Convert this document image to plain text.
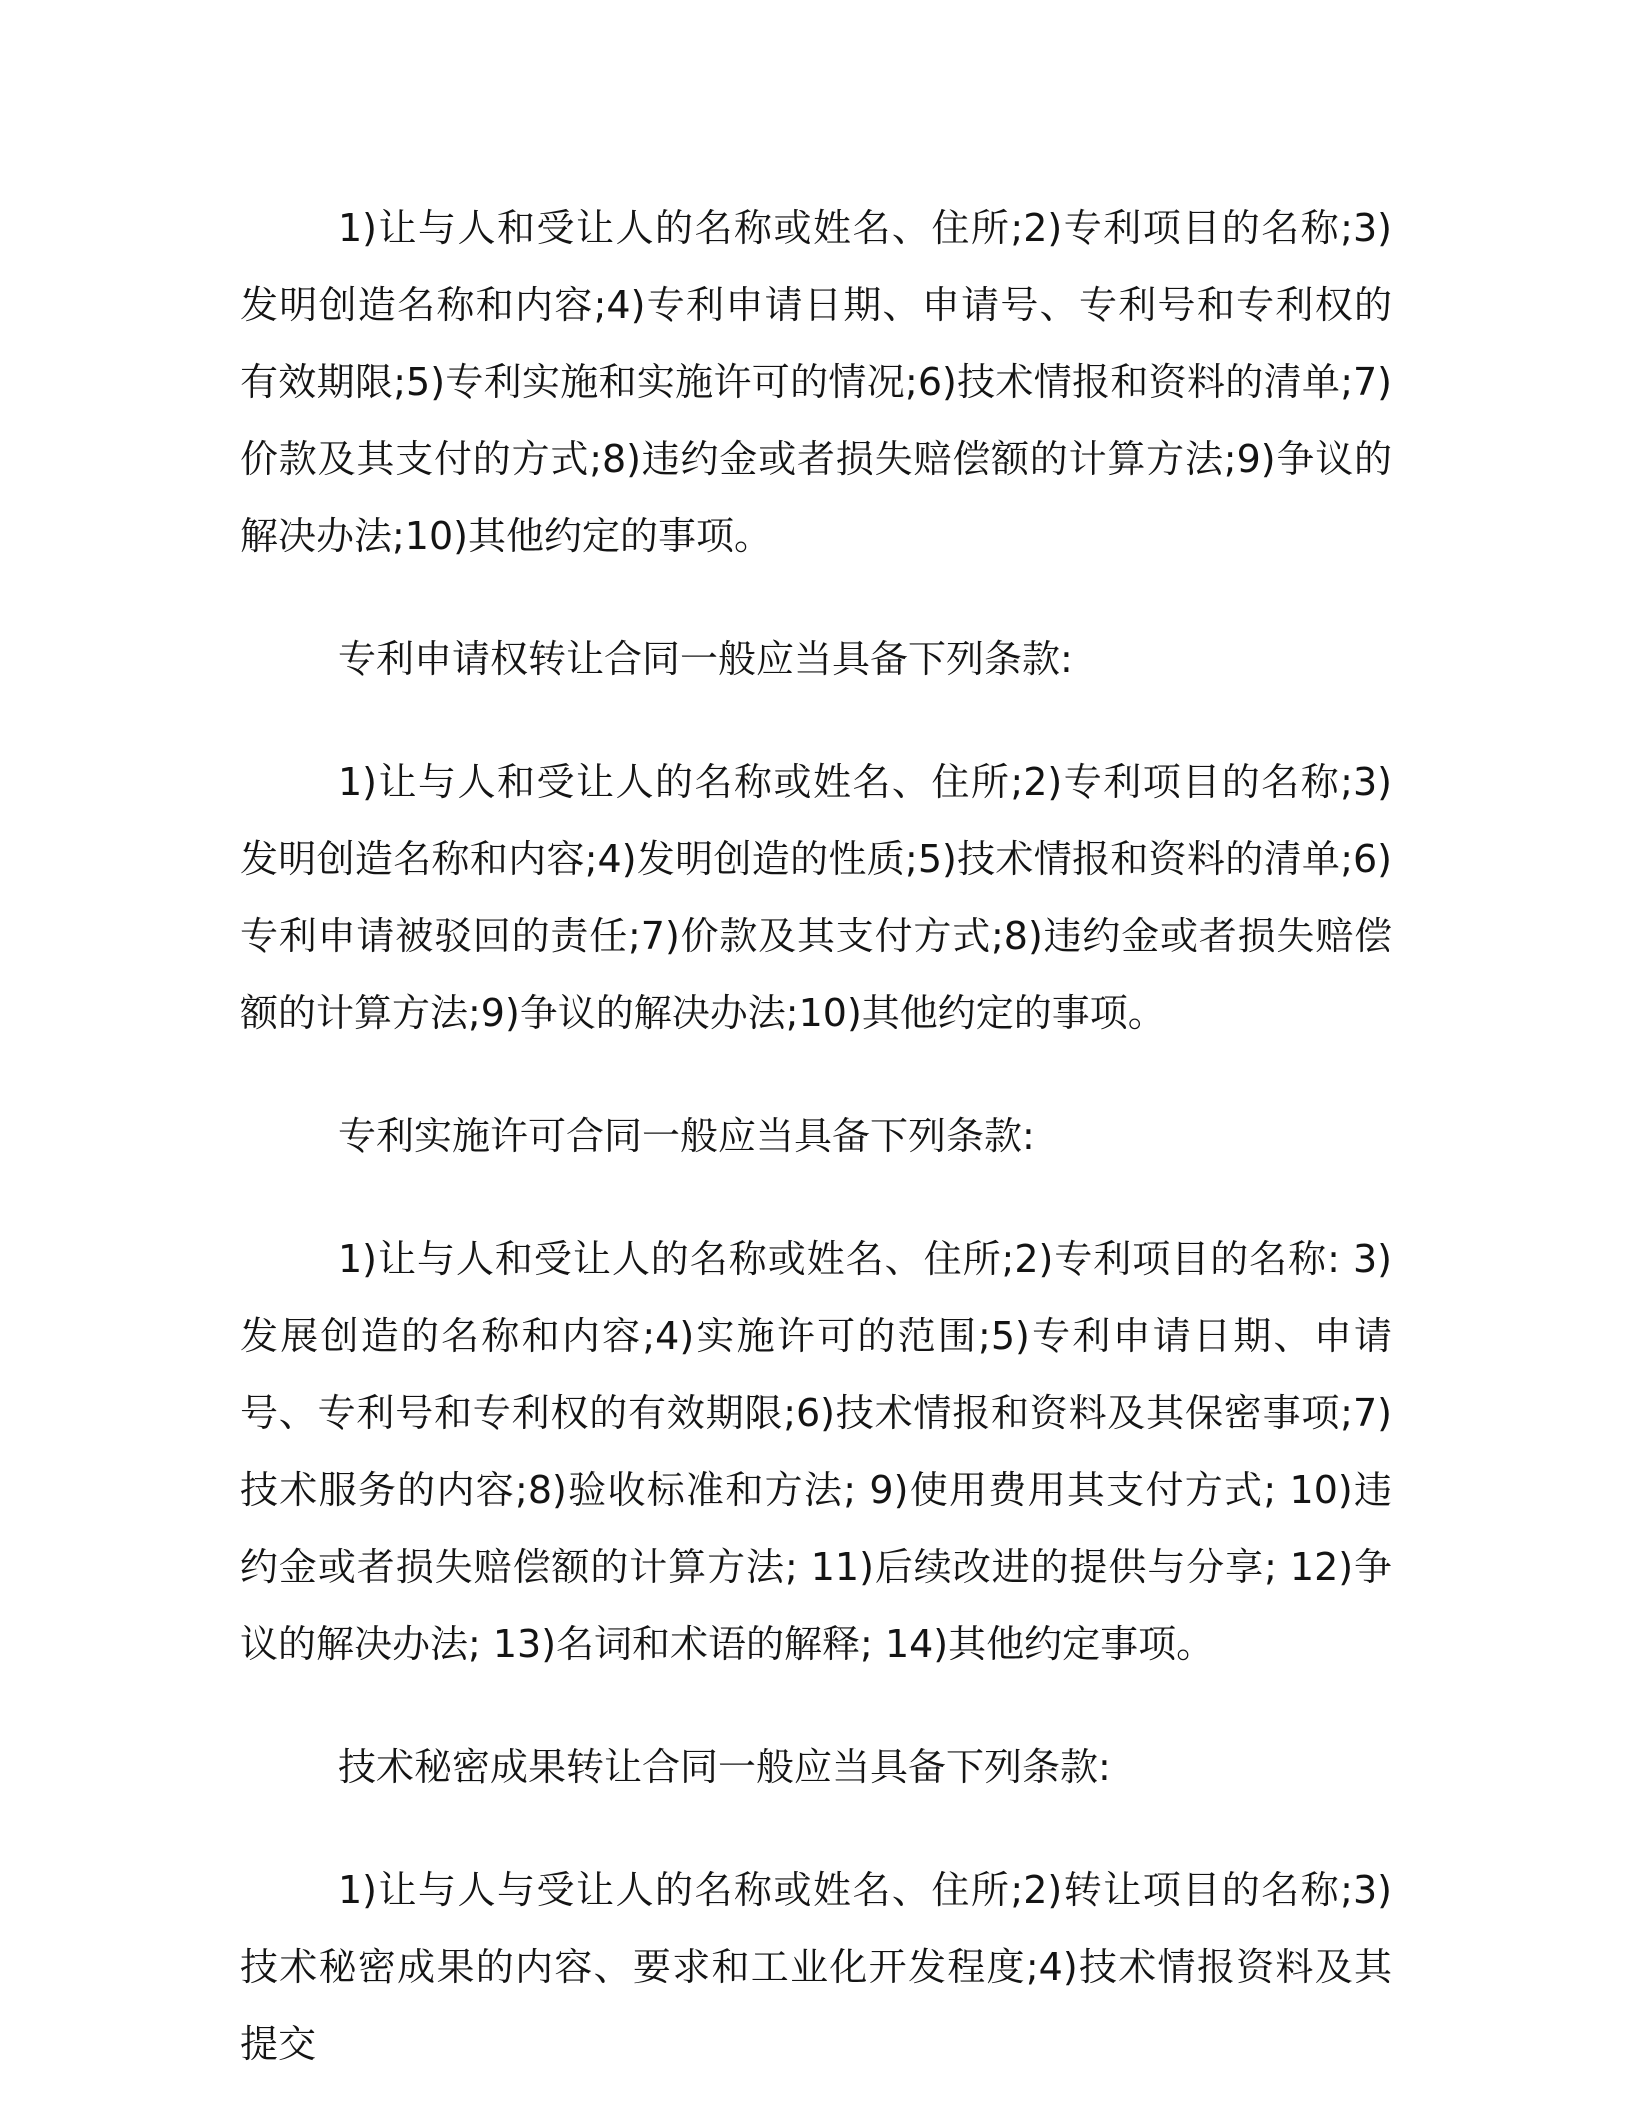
1)让与人和受让人的名称或姓名、住所;2)专利项目的名称;3)发明创造名称和内容;4)专利申请日期、申请号、专利号和专利权的有效期限;5)专利实施和实施许可的情况;6)技术情报和资料的清单;7)价款及其支付的方式;8)违约金或者损失赔偿额的计算方法;9)争议的解决办法;10)其他约定的事项。

专利申请权转让合同一般应当具备下列条款:

1)让与人和受让人的名称或姓名、住所;2)专利项目的名称;3)发明创造名称和内容;4)发明创造的性质;5)技术情报和资料的清单;6)专利申请被驳回的责任;7)价款及其支付方式;8)违约金或者损失赔偿额的计算方法;9)争议的解决办法;10)其他约定的事项。

专利实施许可合同一般应当具备下列条款:

1)让与人和受让人的名称或姓名、住所;2)专利项目的名称: 3)发展创造的名称和内容;4)实施许可的范围;5)专利申请日期、申请号、专利号和专利权的有效期限;6)技术情报和资料及其保密事项;7)技术服务的内容;8)验收标准和方法; 9)使用费用其支付方式; 10)违约金或者损失赔偿额的计算方法; 11)后续改进的提供与分享; 12)争议的解决办法; 13)名词和术语的解释; 14)其他约定事项。

技术秘密成果转让合同一般应当具备下列条款:

1)让与人与受让人的名称或姓名、住所;2)转让项目的名称;3)技术秘密成果的内容、要求和工业化开发程度;4)技术情报资料及其提交
